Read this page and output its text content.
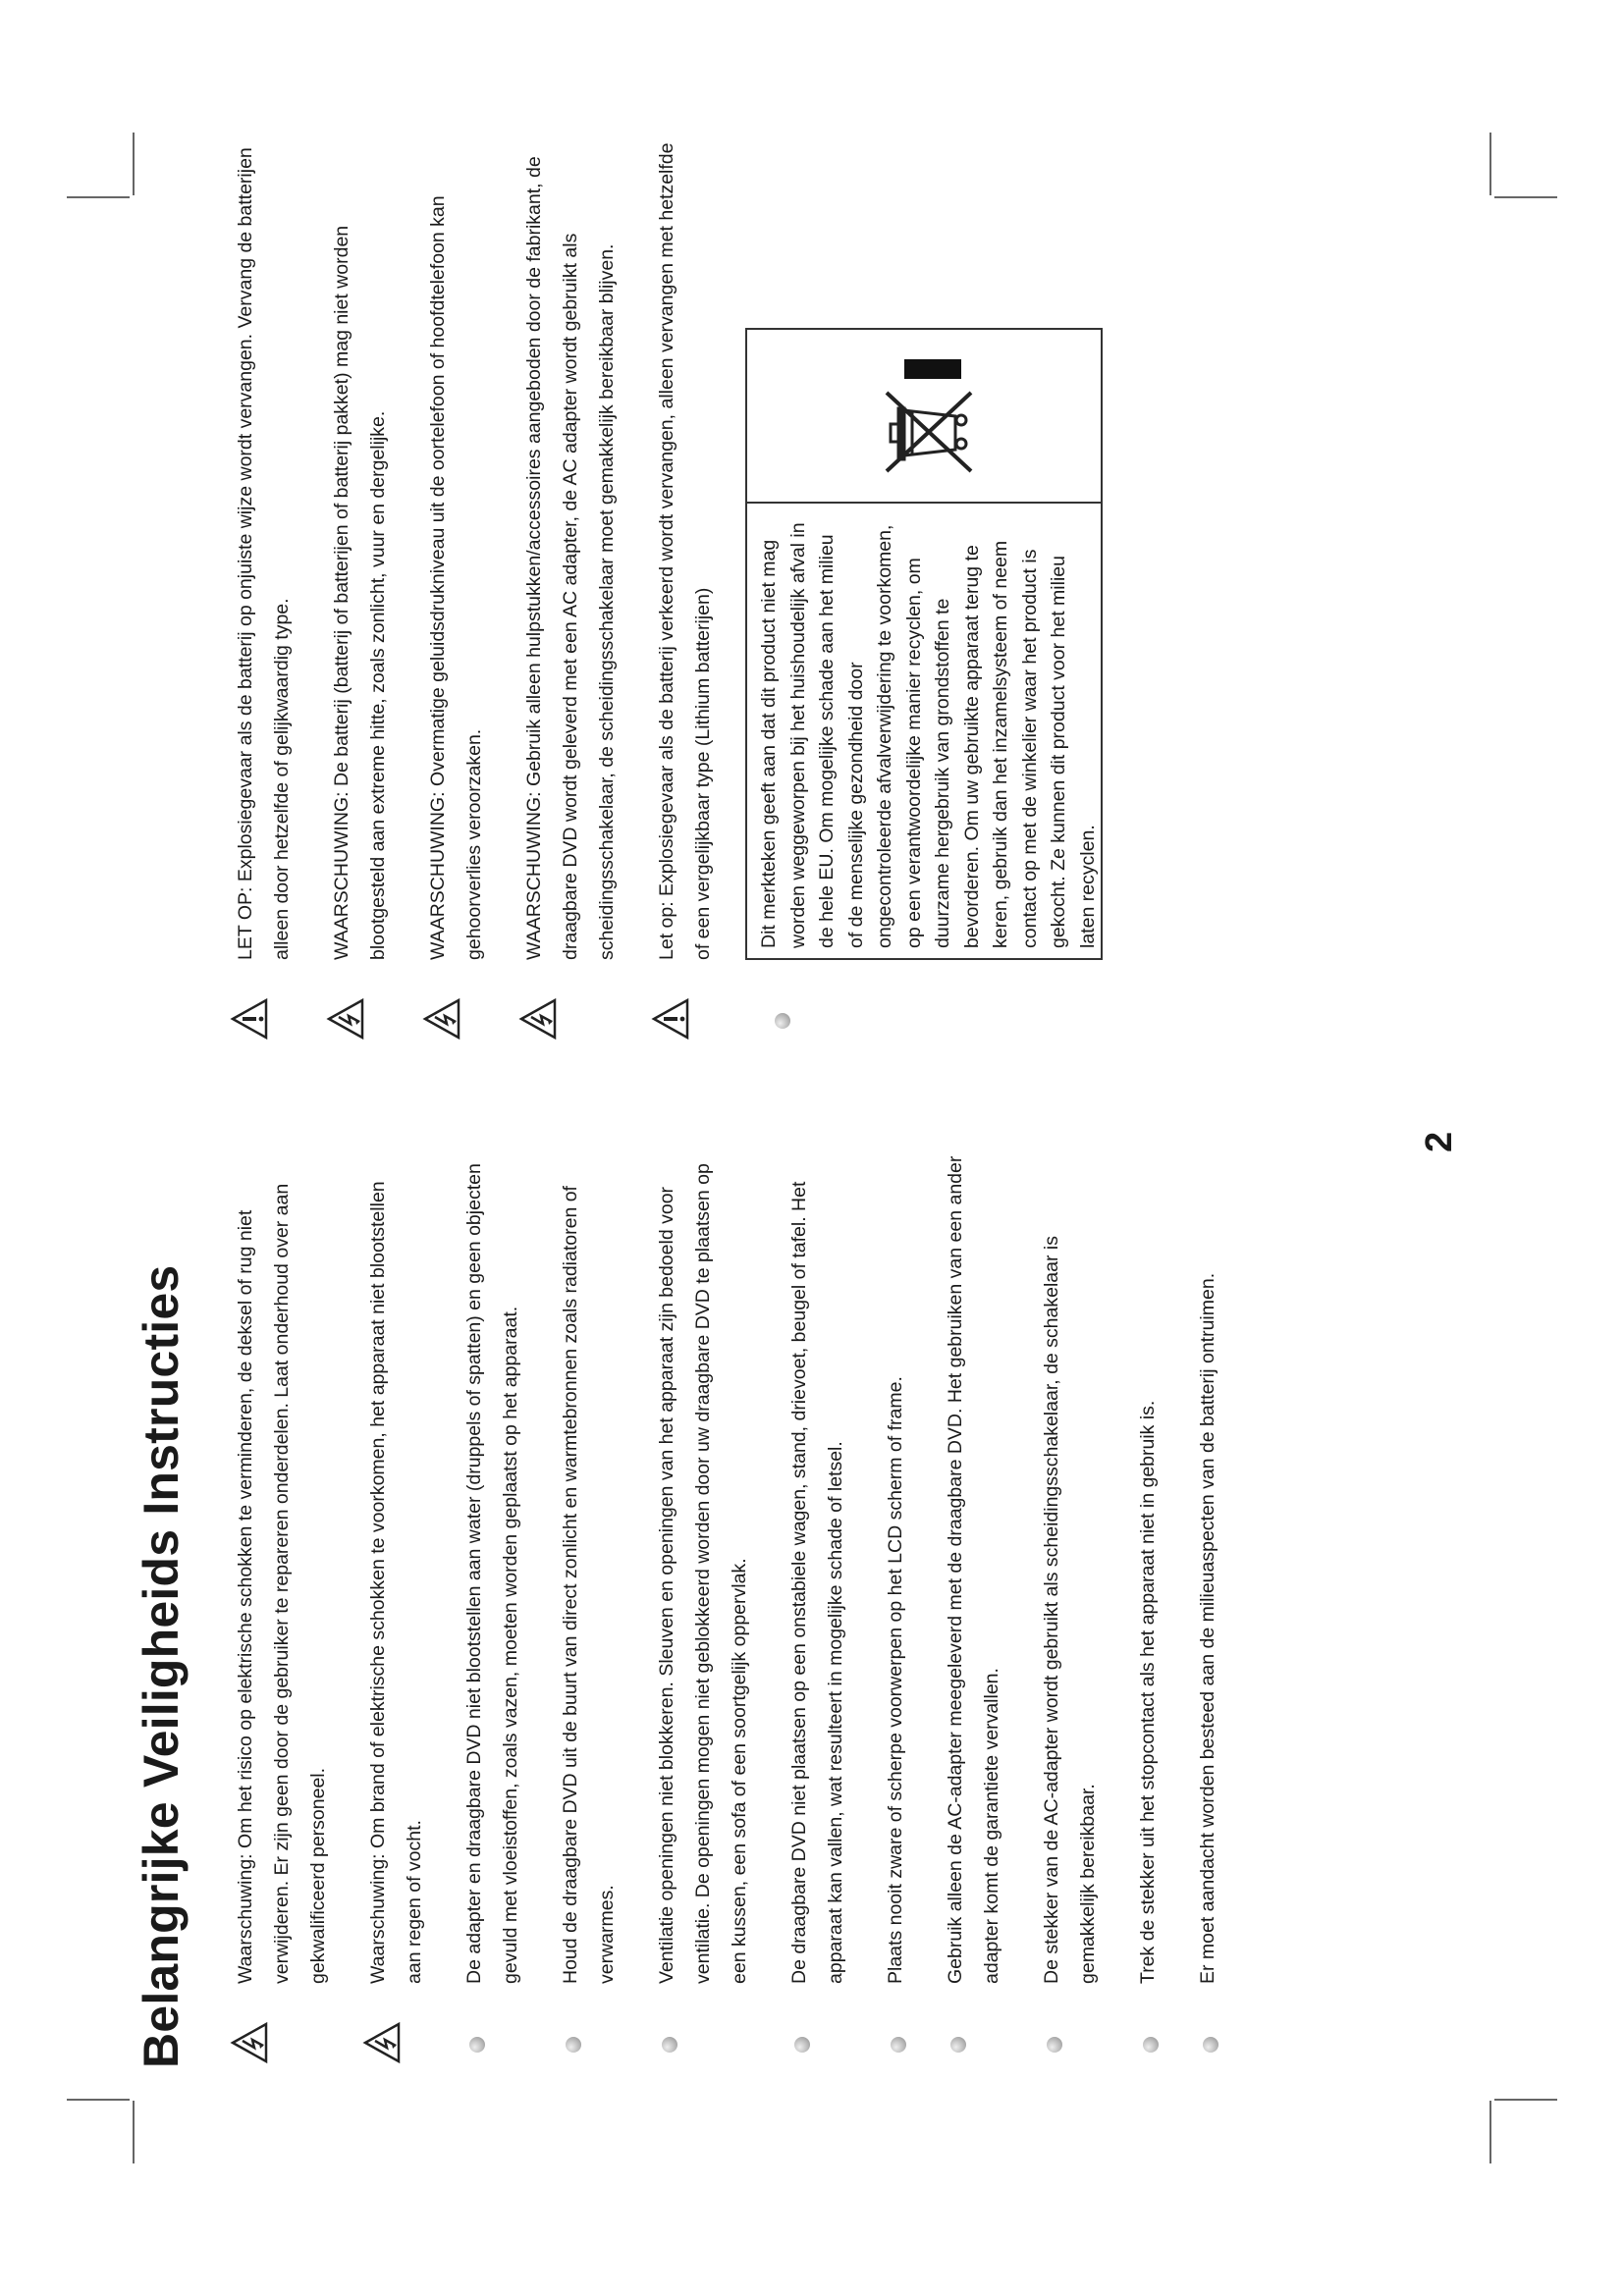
Belangrijke Veiligheids Instructies	Waarschuwing: Om het risico op elektrische schokken te verminderen, de deksel of rug niet verwijderen. Er zijn geen door de gebruiker te repareren onderdelen. Laat onderhoud over aan gekwalificeerd personeel.	Waarschuwing: Om brand of elektrische schokken te voorkomen, het apparaat niet blootstellen aan regen of vocht.	De adapter en draagbare DVD niet blootstellen aan water (druppels of spatten) en geen objecten gevuld met vloeistoffen, zoals vazen, moeten worden geplaatst op het apparaat.	Houd de draagbare DVD uit de buurt van direct zonlicht en warmtebronnen zoals radiatoren of verwarmes.	Ventilatie openingen niet blokkeren. Sleuven en openingen van het apparaat zijn bedoeld voor ventilatie. De openingen mogen niet geblokkeerd worden door uw draagbare DVD te plaatsen op een kussen, een sofa of een soortgelijk oppervlak.	De draagbare DVD niet plaatsen op een onstabiele wagen, stand, drievoet, beugel of tafel. Het apparaat kan vallen, wat resulteert in mogelijke schade of letsel.	Plaats nooit zware of scherpe voorwerpen op het LCD scherm of frame.	Gebruik alleen de AC-adapter meegeleverd met de draagbare DVD. Het gebruiken van een ander adapter komt de garantiete vervallen.	De stekker van de AC-adapter wordt gebruikt als scheidingsschakelaar, de schakelaar is gemakkelijk bereikbaar.	Trek de stekker uit het stopcontact als het apparaat niet in gebruik is.	Er moet aandacht worden besteed aan de milieuaspecten van de batterij ontruimen.
LET OP: Explosiegevaar als de batterij op onjuiste wijze wordt vervangen. Vervang de batterijen alleen door hetzelfde of gelijkwaardig type.	WAARSCHUWING: De batterij (batterij of batterijen of batterij pakket) mag niet worden blootgesteld aan extreme hitte, zoals zonlicht, vuur en dergelijke.	WAARSCHUWING: Overmatige geluidsdrukniveau uit de oortelefoon of hoofdtelefoon kan gehoorverlies veroorzaken.	WAARSCHUWING: Gebruik alleen hulpstukken/accessoires aangeboden door de fabrikant, de draagbare DVD wordt geleverd met een AC adapter, de AC adapter wordt gebruikt als scheidingsschakelaar, de scheidingsschakelaar moet gemakkelijk bereikbaar blijven.	Let op: Explosiegevaar als de batterij verkeerd wordt vervangen, alleen vervangen met hetzelfde of een vergelijkbaar type (Lithium batterijen)	Dit merkteken geeft aan dat dit product niet mag worden weggeworpen bij het huishoudelijk afval in de hele EU. Om mogelijke schade aan het milieu of de menselijke gezondheid door ongecontroleerde afvalverwijdering te voorkomen, op een verantwoordelijke manier recyclen, om duurzame hergebruik van grondstoffen te bevorderen. Om uw gebruikte apparaat terug te keren, gebruik dan het inzamelsysteem of neem contact op met de winkelier waar het product is gekocht. Ze kunnen dit product voor het milieu laten recyclen.

2
